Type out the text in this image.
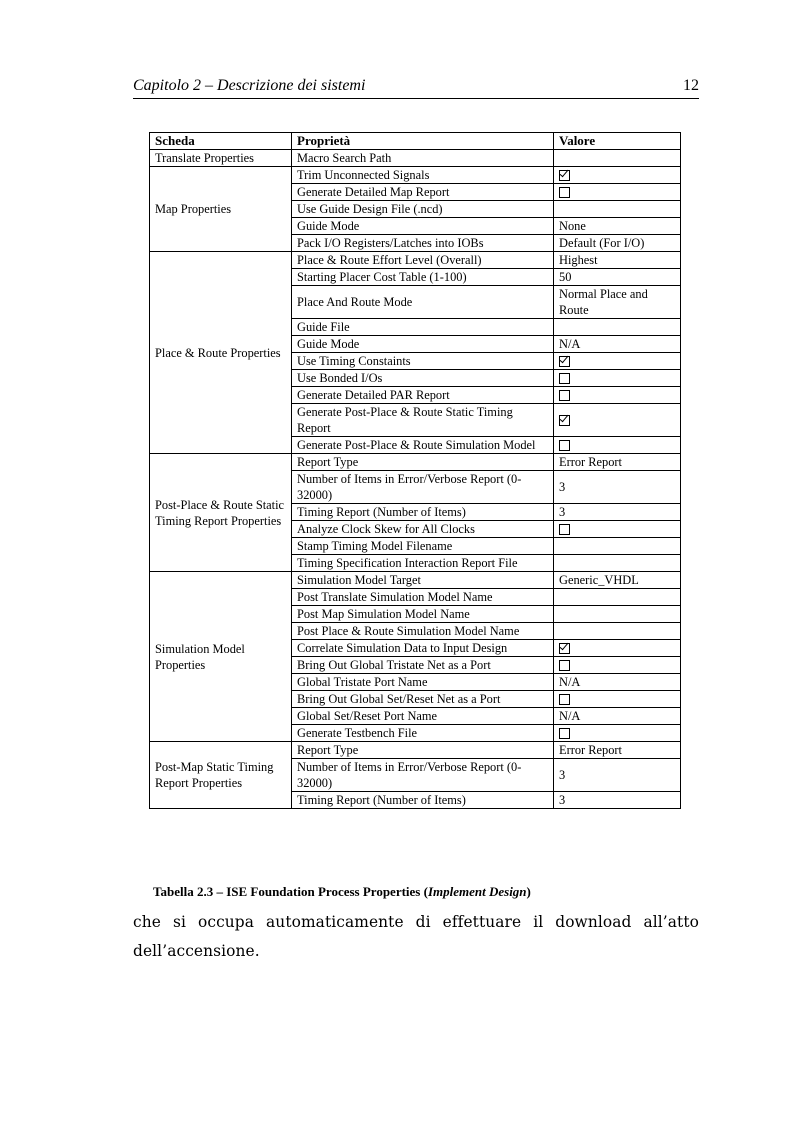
Capitolo 2 – Descrizione dei sistemi	12
Scheda	Proprietà	Valore
Translate Properties	Macro Search Path	
Map Properties	Trim Unconnected Signals	
	Generate Detailed Map Report	
	Use Guide Design File (.ncd)	
	Guide Mode	None
	Pack I/O Registers/Latches into IOBs	Default (For I/O)
Place & Route Properties	Place & Route Effort Level (Overall)	Highest
	Starting Placer Cost Table (1-100)	50
	Place And Route Mode	Normal Place and Route
	Guide File	
	Guide Mode	N/A
	Use Timing Constaints	
	Use Bonded I/Os	
	Generate Detailed PAR Report	
	Generate Post-Place & Route Static Timing Report	
	Generate Post-Place & Route Simulation Model	
Post-Place & Route Static Timing Report Properties	Report Type	Error Report
	Number of Items in Error/Verbose Report (0-32000)	3
	Timing Report (Number of Items)	3
	Analyze Clock Skew for All Clocks	
	Stamp Timing Model Filename	
	Timing Specification Interaction Report File	
Simulation Model Properties	Simulation Model Target	Generic_VHDL
	Post Translate Simulation Model Name	
	Post Map Simulation Model Name	
	Post Place & Route Simulation Model Name	
	Correlate Simulation Data to Input Design	
	Bring Out Global Tristate Net as a Port	
	Global Tristate Port Name	N/A
	Bring Out Global Set/Reset Net as a Port	
	Global Set/Reset Port Name	N/A
	Generate Testbench File	
Post-Map Static Timing Report Properties	Report Type	Error Report
	Number of Items in Error/Verbose Report (0-32000)	3
	Timing Report (Number of Items)	3
Tabella 2.3 – ISE Foundation Process Properties (Implement Design)
che si occupa automaticamente di effettuare il download all’atto dell’accensione.
